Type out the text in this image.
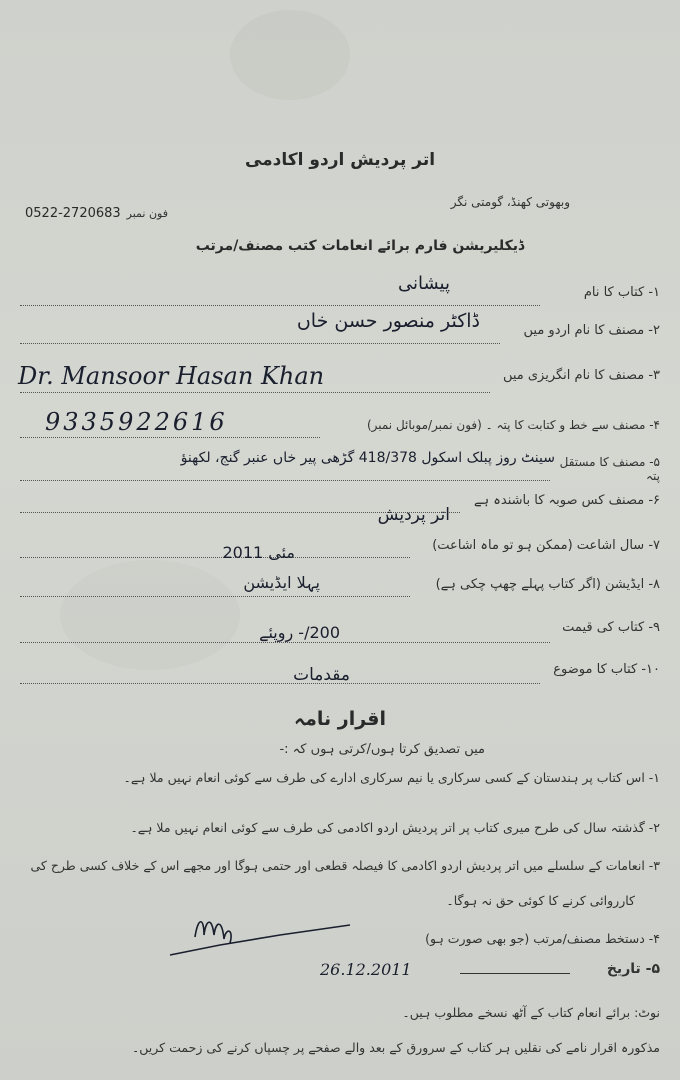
اتر پردیش اردو اکادمی
وبھوتی کھنڈ، گومتی نگر
0522-2720683 فون نمبر
ڈیکلیریشن فارم برائے انعامات کتب مصنف/مرتب
۱- کتاب کا نام
پیشانی
۲- مصنف کا نام اردو میں
ڈاکٹر منصور حسن خاں
۳- مصنف کا نام انگریزی میں
Dr. Mansoor Hasan Khan
۴- مصنف سے خط و کتابت کا پتہ ۔ (فون نمبر/موبائل نمبر)
9335922616
۵- مصنف کا مستقل پتہ
سینٹ روز پبلک اسکول 418/378 گڑھی پیر خاں عنبر گنج، لکھنؤ
۶- مصنف کس صوبہ کا باشندہ ہے
اتر پردیش
۷- سال اشاعت (ممکن ہو تو ماہ اشاعت)
مئی 2011
۸- ایڈیشن (اگر کتاب پہلے چھپ چکی ہے)
پہلا ایڈیشن
۹- کتاب کی قیمت
200/- روپئے
۱۰- کتاب کا موضوع
مقدمات
اقرار نامہ
میں تصدیق کرتا ہوں/کرتی ہوں کہ :-
۱- اس کتاب پر ہندستان کے کسی سرکاری یا نیم سرکاری ادارے کی طرف سے کوئی انعام نہیں ملا ہے۔
۲- گذشتہ سال کی طرح میری کتاب پر اتر پردیش اردو اکادمی کی طرف سے کوئی انعام نہیں ملا ہے۔
۳- انعامات کے سلسلے میں اتر پردیش اردو اکادمی کا فیصلہ قطعی اور حتمی ہوگا اور مجھے اس کے خلاف کسی طرح کی
کارروائی کرنے کا کوئی حق نہ ہوگا۔
۴- دستخط مصنف/مرتب (جو بھی صورت ہو)
۵- تاریخ
26.12.2011
نوٹ: برائے انعام کتاب کے آٹھ نسخے مطلوب ہیں۔
مذکورہ اقرار نامے کی نقلیں ہر کتاب کے سرورق کے بعد والے صفحے پر چسپاں کرنے کی زحمت کریں۔
